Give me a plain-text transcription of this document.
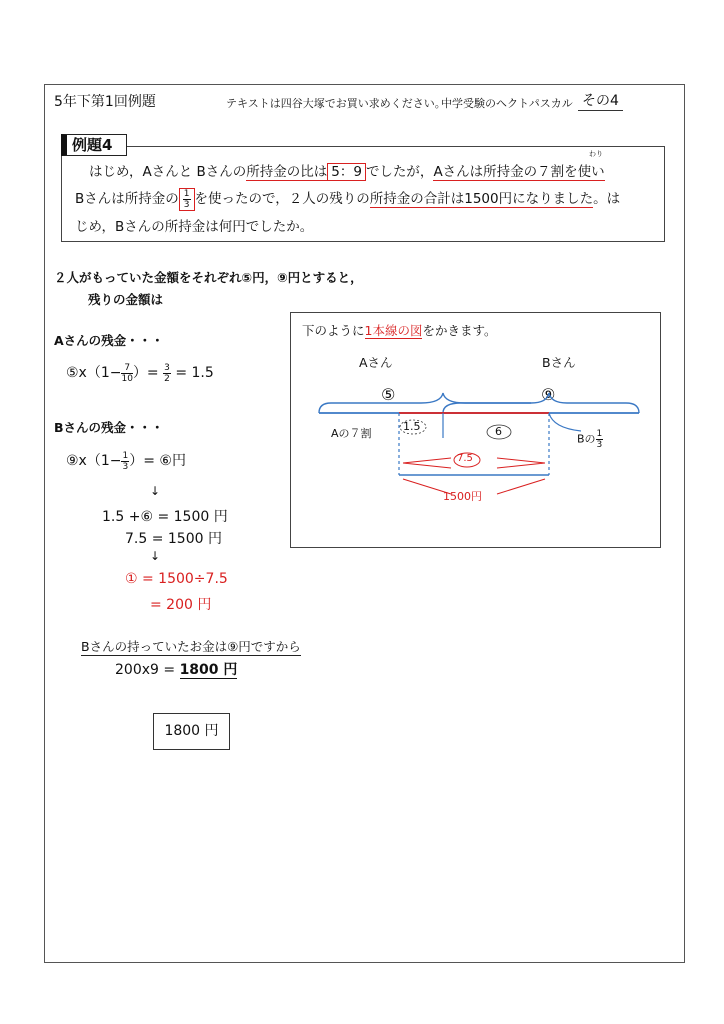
5年下第1回例題	テキストは四谷大塚でお買い求めください。
中学受験のヘクトパスカル その4
例題4
はじめ，Aさんと Bさんの所持金の比は 5：9 でしたが，Aさんは所持金の７割を使い
わり
Bさんは所持金の $\frac{1}{3}$ を使ったので，２人の残りの所持金の合計は1500円になりました。は
じめ，Bさんの所持金は何円でしたか。
２人がもっていた金額をそれぞれ⑤円，⑨円とすると，
残りの金額は
Aさんの残金・・・
⑤x（1− $\frac{7}{10}$ ）= $\frac{3}{2} = 1.5$
Bさんの残金・・・
⑨x（1− $\frac{1}{3}$ ）= ⑥円
↓
1.5 +⑥ = 1500 円
7.5 = 1500 円
↓
① = 1500÷7.5
= 200 円
Bさんの持っていたお金は⑨円ですから
200x9 = 1800 円
1800 円
下のように1本線の図をかきます。
Aさん	Bさん
⑤	⑨
Aの７割
1.5	6
Bの $\frac{1}{3}$
7.5
1500円
